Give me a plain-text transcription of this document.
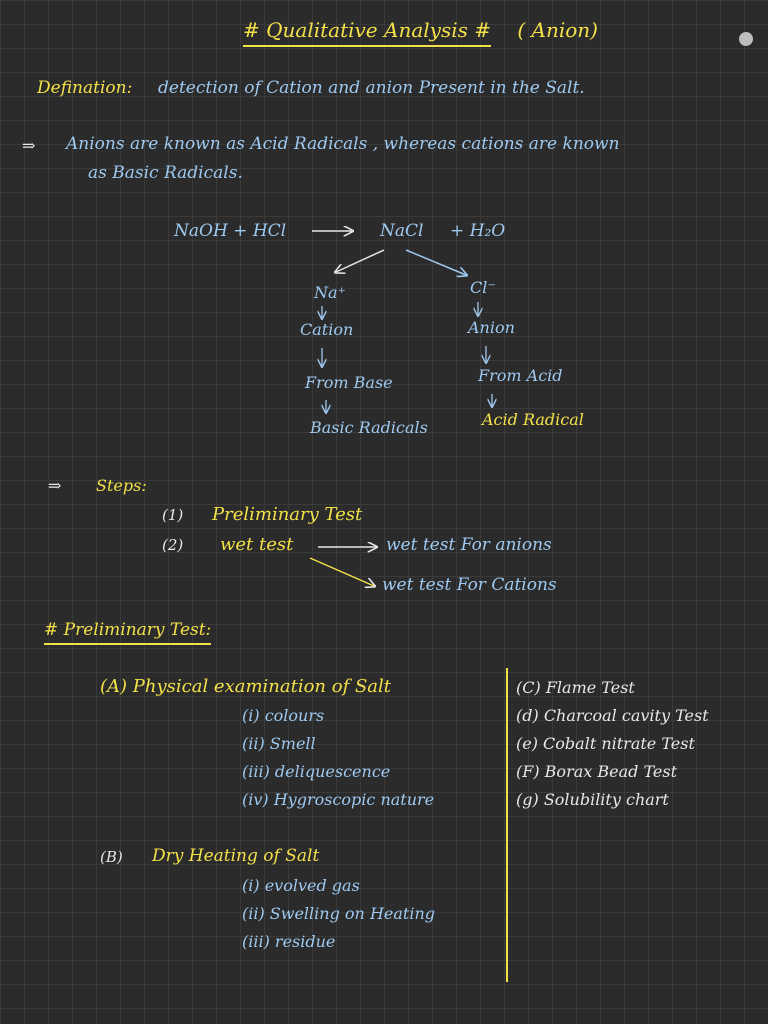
# Qualitative Analysis # ( Anion)
Defination: detection of Cation and anion Present in the Salt.
⇒ Anions are known as Acid Radicals , whereas cations are known
as Basic Radicals.
NaOH + HCl	NaCl + H₂O
Na⁺
Cation
From Base
Basic Radicals
Cl⁻
Anion
From Acid
Acid Radical
⇒ Steps:
(1) Preliminary Test
(2) wet test	wet test For anions
wet test For Cations
# Preliminary Test:
(A) Physical examination of Salt
(i) colours
(ii) Smell
(iii) deliquescence
(iv) Hygroscopic nature
(C) Flame Test
(d) Charcoal cavity Test
(e) Cobalt nitrate Test
(F) Borax Bead Test
(g) Solubility chart
(B) Dry Heating of Salt
(i) evolved gas
(ii) Swelling on Heating
(iii) residue
